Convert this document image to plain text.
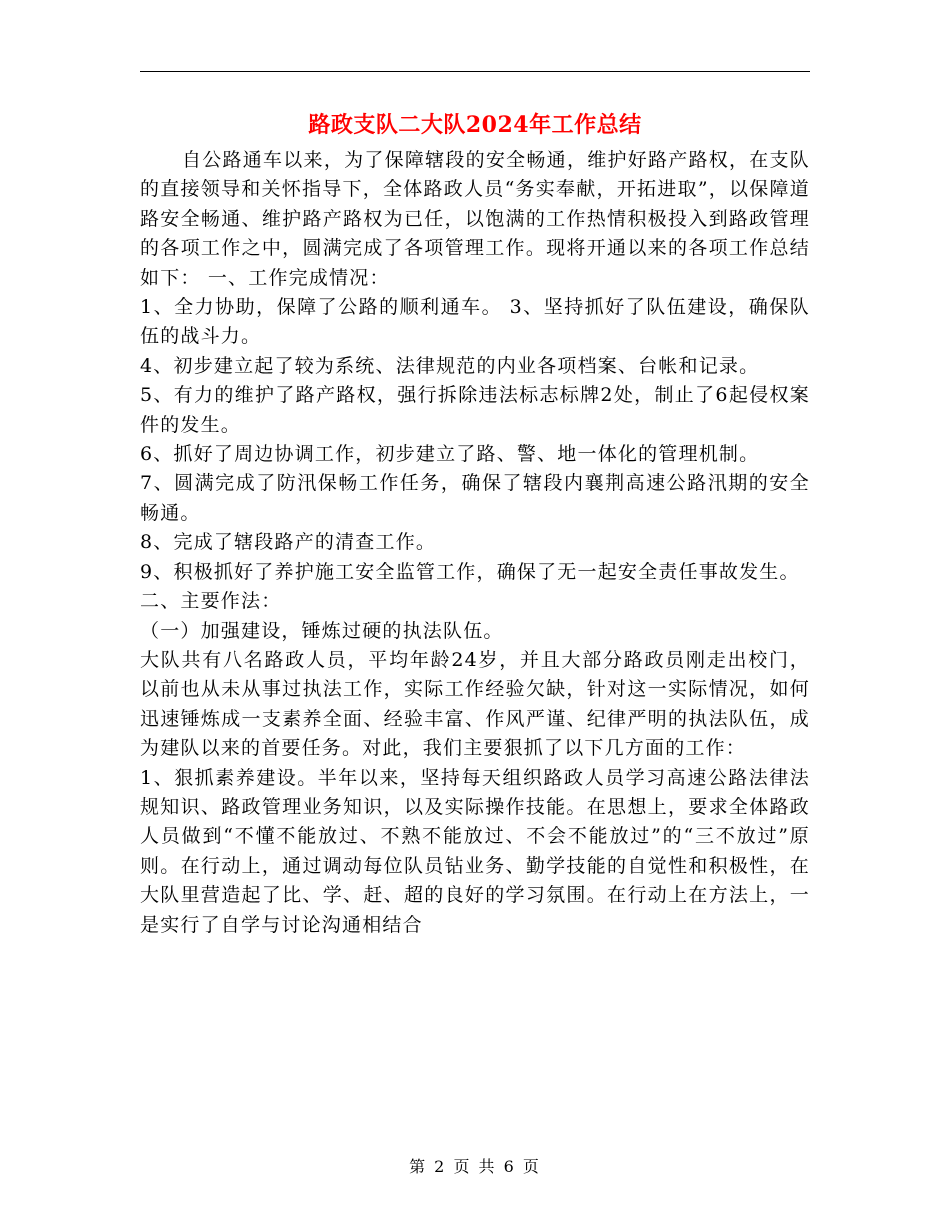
路政支队二大队2024年工作总结

自公路通车以来，为了保障辖段的安全畅通，维护好路产路权，在支队的直接领导和关怀指导下，全体路政人员“务实奉献，开拓进取”，以保障道路安全畅通、维护路产路权为已任，以饱满的工作热情积极投入到路政管理的各项工作之中，圆满完成了各项管理工作。现将开通以来的各项工作总结如下： 一、工作完成情况：

1、全力协助，保障了公路的顺利通车。 3、坚持抓好了队伍建设，确保队伍的战斗力。

4、初步建立起了较为系统、法律规范的内业各项档案、台帐和记录。

5、有力的维护了路产路权，强行拆除违法标志标牌2处，制止了6起侵权案件的发生。

6、抓好了周边协调工作，初步建立了路、警、地一体化的管理机制。

7、圆满完成了防汛保畅工作任务，确保了辖段内襄荆高速公路汛期的安全畅通。

8、完成了辖段路产的清查工作。

9、积极抓好了养护施工安全监管工作，确保了无一起安全责任事故发生。

二、主要作法：

（一）加强建设，锤炼过硬的执法队伍。

大队共有八名路政人员，平均年龄24岁，并且大部分路政员刚走出校门，以前也从未从事过执法工作，实际工作经验欠缺，针对这一实际情况，如何迅速锤炼成一支素养全面、经验丰富、作风严谨、纪律严明的执法队伍，成为建队以来的首要任务。对此，我们主要狠抓了以下几方面的工作：

1、狠抓素养建设。半年以来，坚持每天组织路政人员学习高速公路法律法规知识、路政管理业务知识，以及实际操作技能。在思想上，要求全体路政人员做到“不懂不能放过、不熟不能放过、不会不能放过”的“三不放过”原则。在行动上，通过调动每位队员钻业务、勤学技能的自觉性和积极性，在大队里营造起了比、学、赶、超的良好的学习氛围。在行动上在方法上，一是实行了自学与讨论沟通相结合

第 2 页 共 6 页
